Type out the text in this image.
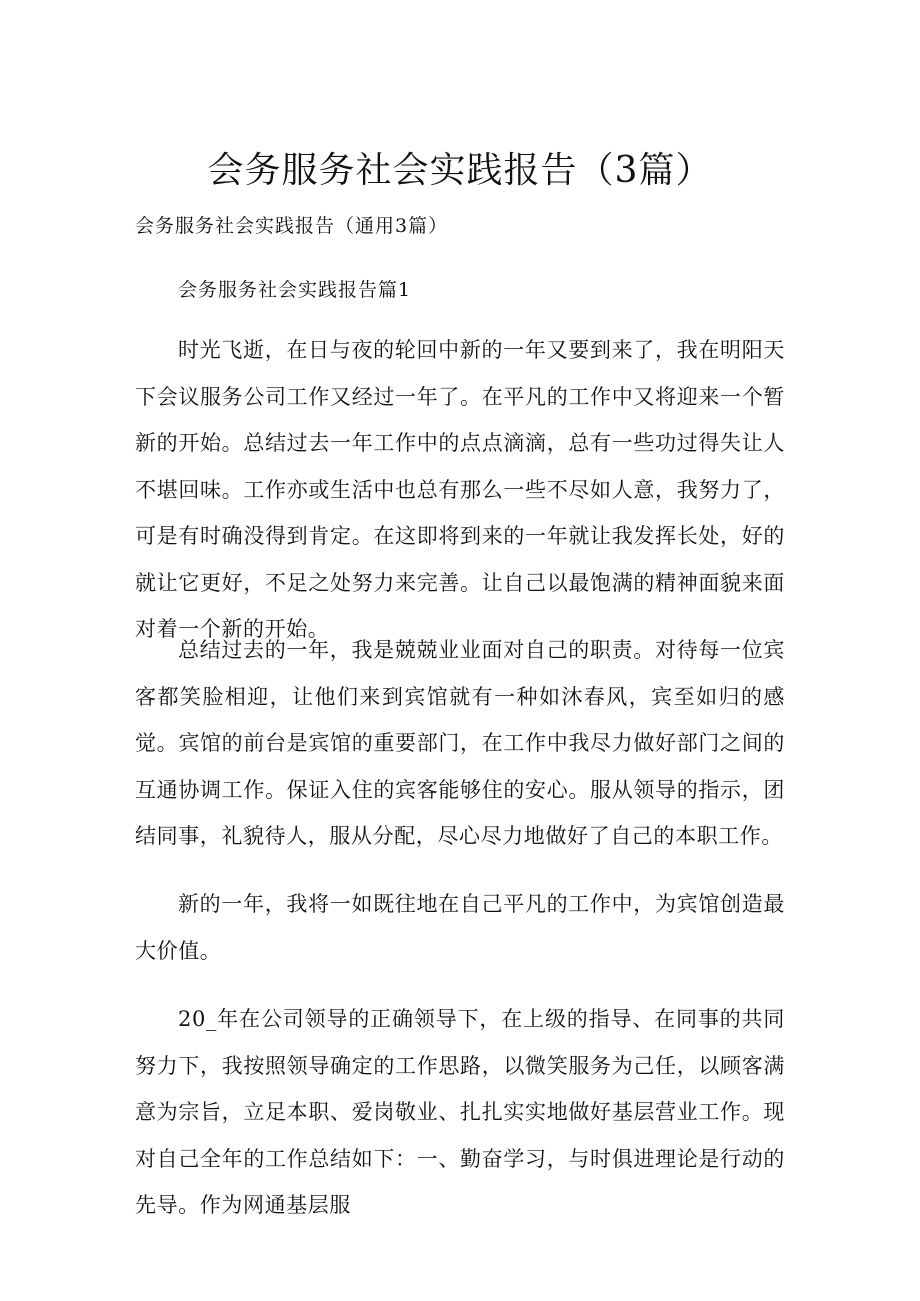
会务服务社会实践报告（3篇）

会务服务社会实践报告（通用3篇）

会务服务社会实践报告篇1

时光飞逝，在日与夜的轮回中新的一年又要到来了，我在明阳天下会议服务公司工作又经过一年了。在平凡的工作中又将迎来一个暂新的开始。总结过去一年工作中的点点滴滴，总有一些功过得失让人不堪回味。工作亦或生活中也总有那么一些不尽如人意，我努力了，可是有时确没得到肯定。在这即将到来的一年就让我发挥长处，好的就让它更好，不足之处努力来完善。让自己以最饱满的精神面貌来面对着一个新的开始。

总结过去的一年，我是兢兢业业面对自己的职责。对待每一位宾客都笑脸相迎，让他们来到宾馆就有一种如沐春风，宾至如归的感觉。宾馆的前台是宾馆的重要部门，在工作中我尽力做好部门之间的互通协调工作。保证入住的宾客能够住的安心。服从领导的指示，团结同事，礼貌待人，服从分配，尽心尽力地做好了自己的本职工作。

新的一年，我将一如既往地在自己平凡的工作中，为宾馆创造最大价值。

20_年在公司领导的正确领导下，在上级的指导、在同事的共同努力下，我按照领导确定的工作思路，以微笑服务为己任，以顾客满意为宗旨，立足本职、爱岗敬业、扎扎实实地做好基层营业工作。现对自己全年的工作总结如下：一、勤奋学习，与时俱进理论是行动的先导。作为网通基层服
